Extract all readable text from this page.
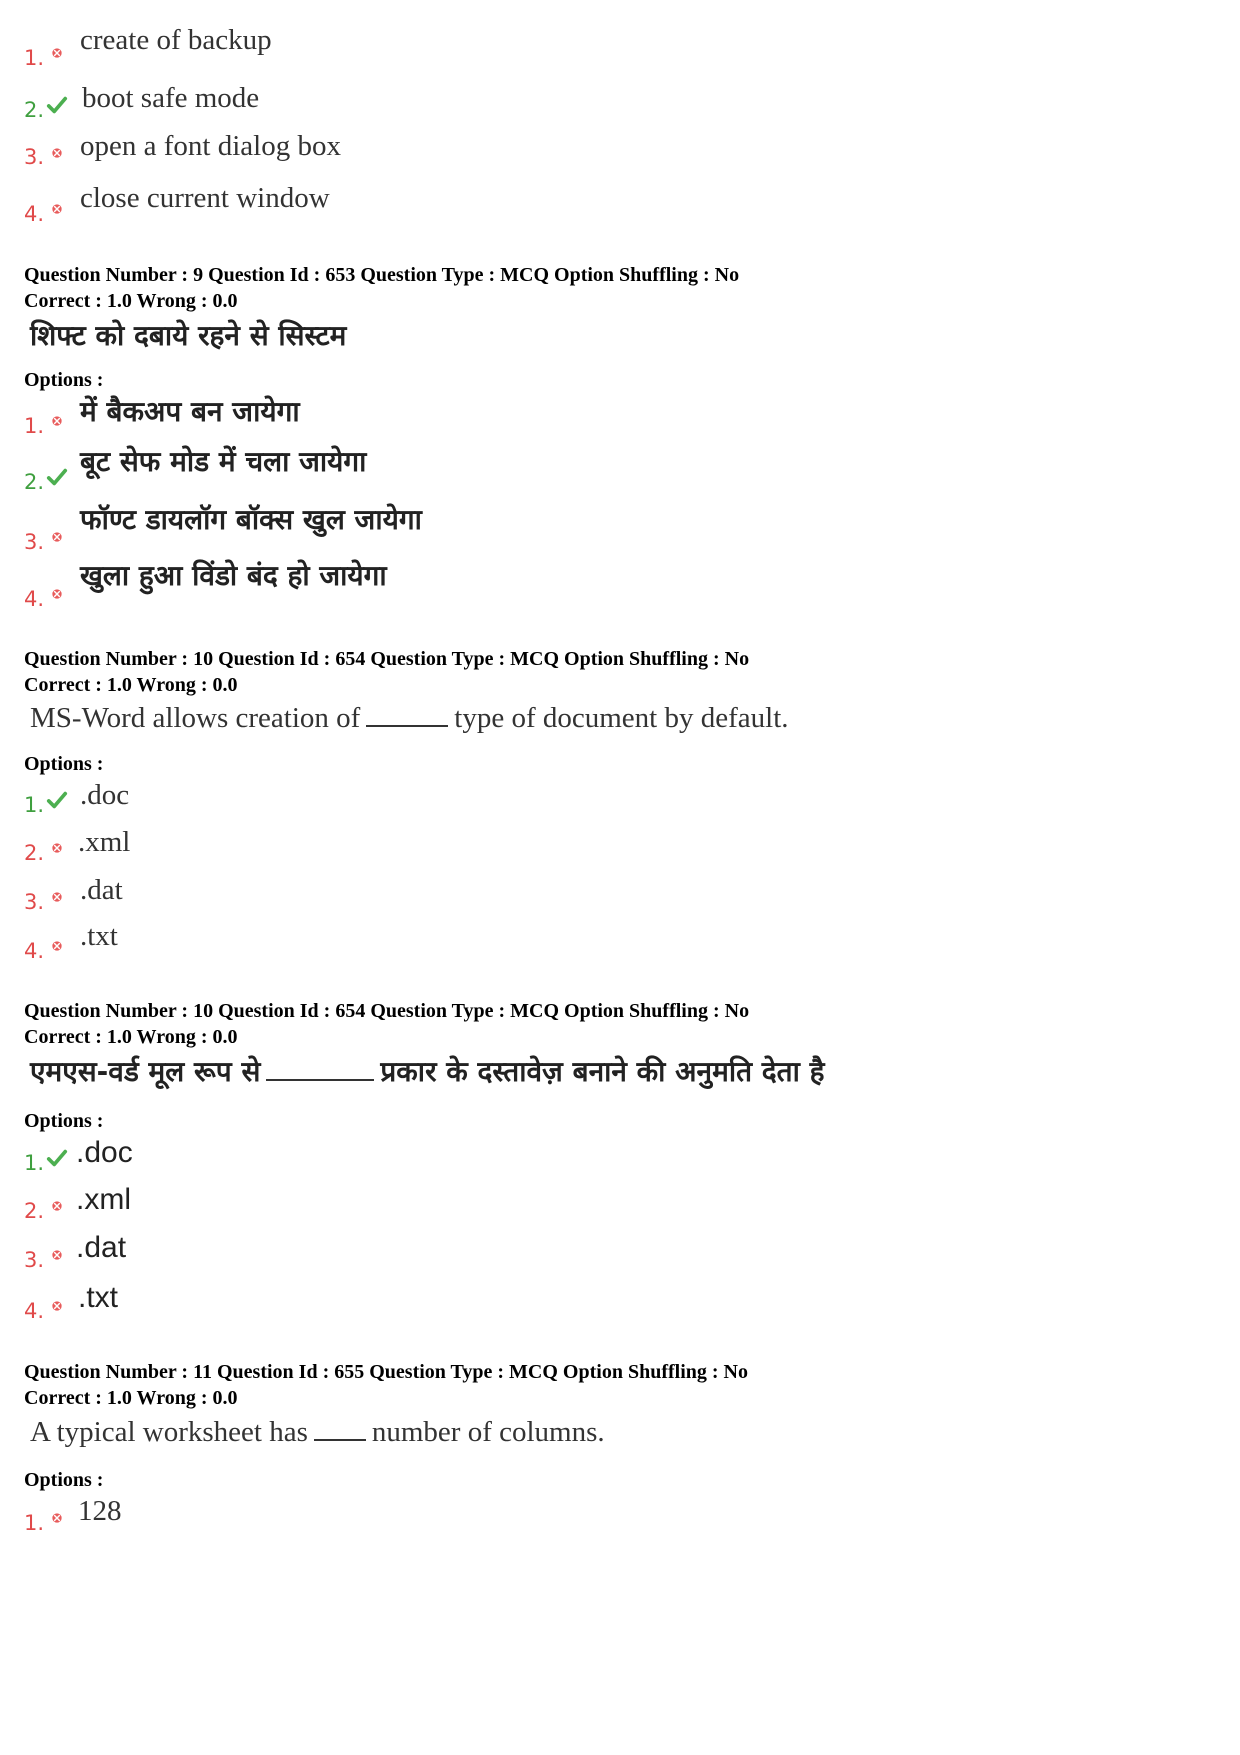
1.
create of backup
2. boot safe mode
3. open a font dialog box
4. close current window
Question Number : 9 Question Id : 653 Question Type : MCQ Option Shuffling : No
Correct : 1.0 Wrong : 0.0
शिफ्ट को दबाये रहने से सिस्टम
Options :
1. में बैकअप बन जायेगा
2.
बूट सेफ मोड में चला जायेगा
3.
फॉण्ट डायलॉग बॉक्स खुल जायेगा
4.
खुला हुआ विंडो बंद हो जायेगा
Question Number : 10 Question Id : 654 Question Type : MCQ Option Shuffling : No
Correct : 1.0 Wrong : 0.0
MS-Word allows creation of	type of document by default.
Options :
1. .doc
2. .xml
3. .dat
4. .txt
Question Number : 10 Question Id : 654 Question Type : MCQ Option Shuffling : No
Correct : 1.0 Wrong : 0.0
एमएस-वर्ड मूल रूप से	प्रकार के दस्तावेज़ बनाने की अनुमति देता है
Options :
1. .doc
2. .xml
3. .dat
4. .txt
Question Number : 11 Question Id : 655 Question Type : MCQ Option Shuffling : No
Correct : 1.0 Wrong : 0.0
A typical worksheet has number of columns.
Options :
1. 128
